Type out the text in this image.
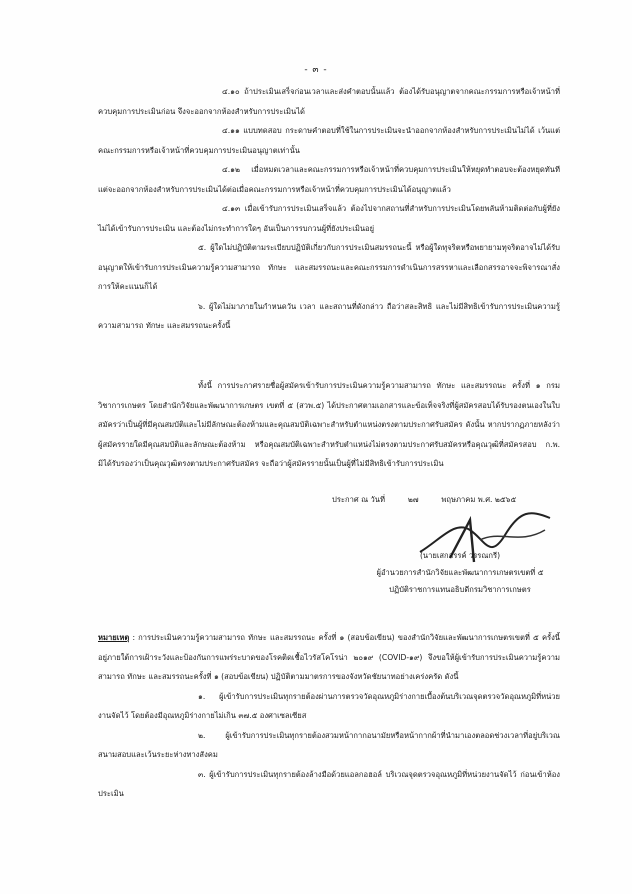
- ๓ -

๔.๑๐ ถ้าประเมินเสร็จก่อนเวลาและส่งคำตอบนั้นแล้ว ต้องได้รับอนุญาตจากคณะกรรมการหรือเจ้าหน้าที่ควบคุมการประเมินก่อน จึงจะออกจากห้องสำหรับการประเมินได้

๔.๑๑ แบบทดสอบ กระดาษคำตอบที่ใช้ในการประเมินจะนำออกจากห้องสำหรับการประเมินไม่ได้ เว้นแต่คณะกรรมการหรือเจ้าหน้าที่ควบคุมการประเมินอนุญาตเท่านั้น

๔.๑๒ เมื่อหมดเวลาและคณะกรรมการหรือเจ้าหน้าที่ควบคุมการประเมินให้หยุดทำตอบจะต้องหยุดทันที แต่จะออกจากห้องสำหรับการประเมินได้ต่อเมื่อคณะกรรมการหรือเจ้าหน้าที่ควบคุมการประเมินได้อนุญาตแล้ว

๔.๑๓ เมื่อเข้ารับการประเมินเสร็จแล้ว ต้องไปจากสถานที่สำหรับการประเมินโดยพลันห้ามติดต่อกับผู้ที่ยังไม่ได้เข้ารับการประเมิน และต้องไม่กระทำการใดๆ อันเป็นการรบกวนผู้ที่ยังประเมินอยู่

๕. ผู้ใดไม่ปฏิบัติตามระเบียบปฏิบัติเกี่ยวกับการประเมินสมรรถนะนี้ หรือผู้ใดทุจริตหรือพยายามทุจริตอาจไม่ได้รับอนุญาตให้เข้ารับการประเมินความรู้ความสามารถ ทักษะ และสมรรถนะและคณะกรรมการดำเนินการสรรหาและเลือกสรรอาจจะพิจารณาสั่งการให้คะแนนก็ได้

๖. ผู้ใดไม่มาภายในกำหนดวัน เวลา และสถานที่ดังกล่าว ถือว่าสละสิทธิ และไม่มีสิทธิเข้ารับการประเมินความรู้ความสามารถ ทักษะ และสมรรถนะครั้งนี้

ทั้งนี้ การประกาศรายชื่อผู้สมัครเข้ารับการประเมินความรู้ความสามารถ ทักษะ และสมรรถนะ ครั้งที่ ๑ กรมวิชาการเกษตร โดยสำนักวิจัยและพัฒนาการเกษตร เขตที่ ๕ (สวพ.๕) ได้ประกาศตามเอกสารและข้อเท็จจริงที่ผู้สมัครสอบได้รับรองตนเองในใบสมัครว่าเป็นผู้ที่มีคุณสมบัติและไม่มีลักษณะต้องห้ามและคุณสมบัติเฉพาะสำหรับตำแหน่งตรงตามประกาศรับสมัคร ดังนั้น หากปรากฏภายหลังว่าผู้สมัครรายใดมีคุณสมบัติและลักษณะต้องห้าม หรือคุณสมบัติเฉพาะสำหรับตำแหน่งไม่ตรงตามประกาศรับสมัครหรือคุณวุฒิที่สมัครสอบ ก.พ. มิได้รับรองว่าเป็นคุณวุฒิตรงตามประกาศรับสมัคร จะถือว่าผู้สมัครรายนั้นเป็นผู้ที่ไม่มีสิทธิเข้ารับการประเมิน

ประกาศ ณ วันที่	๒๗	พฤษภาคม พ.ศ. ๒๕๖๕
(นายเสกสรรค์ วรรณกรี)
ผู้อำนวยการสำนักวิจัยและพัฒนาการเกษตรเขตที่ ๕
ปฏิบัติราชการแทนอธิบดีกรมวิชาการเกษตร

หมายเหตุ : การประเมินความรู้ความสามารถ ทักษะ และสมรรถนะ ครั้งที่ ๑ (สอบข้อเขียน) ของสำนักวิจัยและพัฒนาการเกษตรเขตที่ ๕ ครั้งนี้ อยู่ภายใต้การเฝ้าระวังและป้องกันการแพร่ระบาดของโรคติดเชื้อไวรัสโคโรน่า ๒๐๑๙ (COVID-๑๙) จึงขอให้ผู้เข้ารับการประเมินความรู้ความสามารถ ทักษะ และสมรรถนะครั้งที่ ๑ (สอบข้อเขียน) ปฏิบัติตามมาตรการของจังหวัดชัยนาทอย่างเคร่งครัด ดังนี้

๑. ผู้เข้ารับการประเมินทุกรายต้องผ่านการตรวจวัดอุณหภูมิร่างกายเบื้องต้นบริเวณจุดตรวจวัดอุณหภูมิที่หน่วยงานจัดไว้ โดยต้องมีอุณหภูมิร่างกายไม่เกิน ๓๗.๕ องศาเซลเซียส

๒. ผู้เข้ารับการประเมินทุกรายต้องสวมหน้ากากอนามัยหรือหน้ากากผ้าที่นำมาเองตลอดช่วงเวลาที่อยู่บริเวณสนามสอบและเว้นระยะห่างทางสังคม

๓. ผู้เข้ารับการประเมินทุกรายต้องล้างมือด้วยแอลกอฮอล์ บริเวณจุดตรวจอุณหภูมิที่หน่วยงานจัดไว้ ก่อนเข้าห้องประเมิน
